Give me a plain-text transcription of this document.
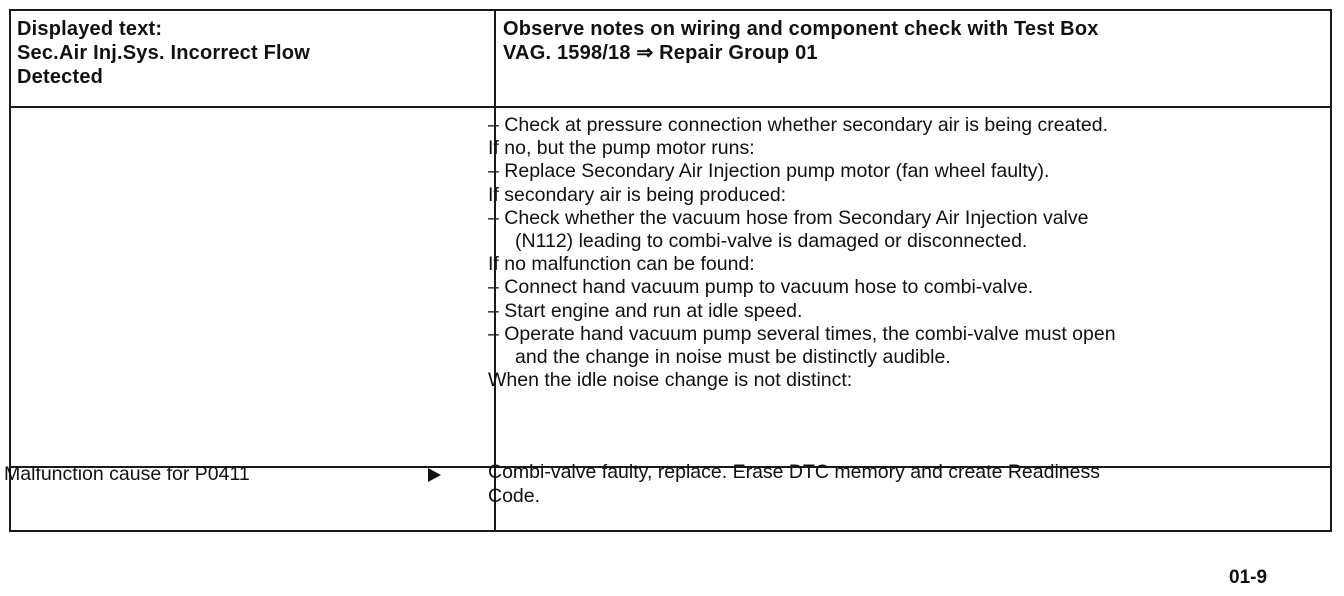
Displayed text:
Sec.Air Inj.Sys. Incorrect Flow
Detected
Observe notes on wiring and component check with Test Box
VAG. 1598/18 ⇒ Repair Group 01
– Check at pressure connection whether secondary air is being created.
If no, but the pump motor runs:
– Replace Secondary Air Injection pump motor (fan wheel faulty).
If secondary air is being produced:
– Check whether the vacuum hose from Secondary Air Injection valve
(N112) leading to combi-valve is damaged or disconnected.
If no malfunction can be found:
– Connect hand vacuum pump to vacuum hose to combi-valve.
– Start engine and run at idle speed.
– Operate hand vacuum pump several times, the combi-valve must open
and the change in noise must be distinctly audible.
When the idle noise change is not distinct:
Malfunction cause for P0411	Combi-valve faulty, replace. Erase DTC memory and create Readiness
Code.
01-9
